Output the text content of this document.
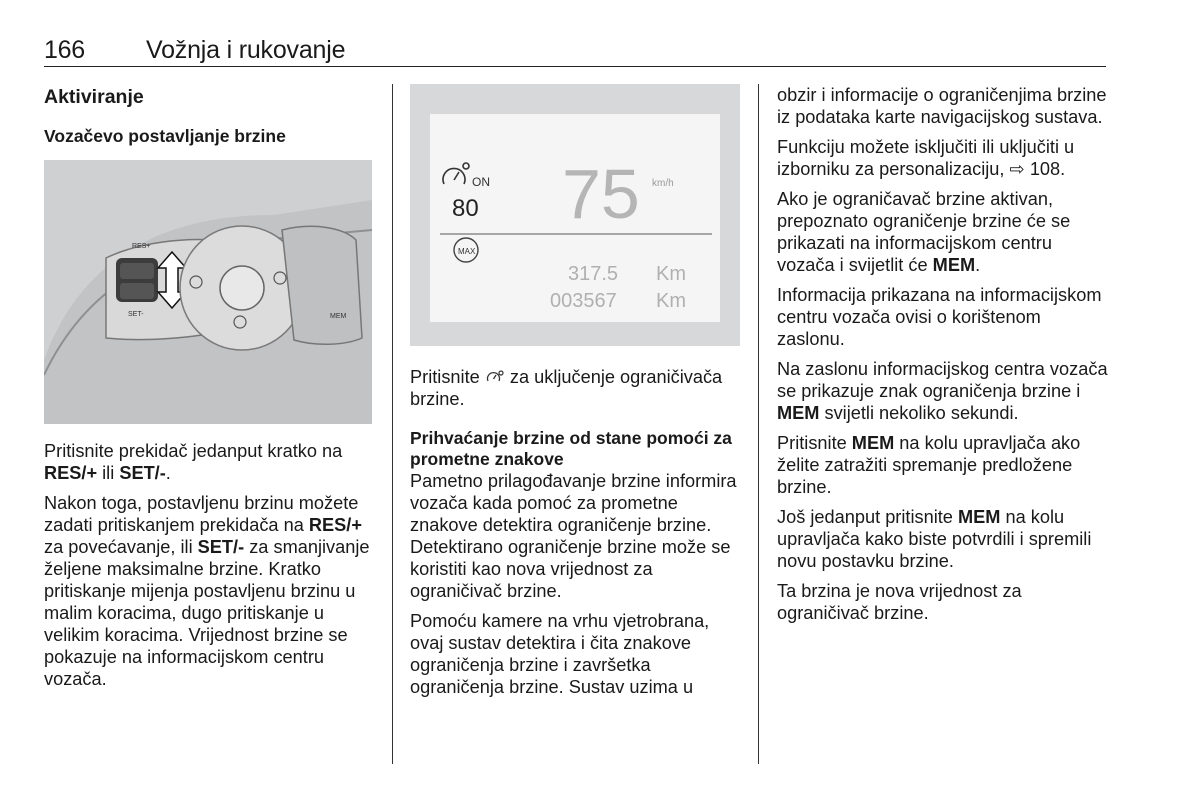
166 Vožnja i rukovanje
Aktiviranje
Vozačevo postavljanje brzine
RES+
SET-	MEM

Pritisnite prekidač jedanput kratko na RES/+ ili SET/-.

Nakon toga, postavljenu brzinu možete zadati pritiskanjem prekidača na RES/+ za povećavanje, ili SET/- za smanjivanje željene maksimalne brzine. Kratko pritiskanje mijenja postavljenu brzinu u malim koracima, dugo pritiskanje u velikim koracima. Vrijednost brzine se pokazuje na informacijskom centru vozača.

ON
80 75 km/h
MAX
317.5 Km
003567 Km

Pritisnite  za uključenje ograničivača brzine.

Prihvaćanje brzine od stane pomoći za prometne znakove

Pametno prilagođavanje brzine informira vozača kada pomoć za prometne znakove detektira ograničenje brzine. Detektirano ograničenje brzine može se koristiti kao nova vrijednost za ograničivač brzine.

Pomoću kamere na vrhu vjetrobrana, ovaj sustav detektira i čita znakove ograničenja brzine i završetka ograničenja brzine. Sustav uzima u

obzir i informacije o ograničenjima brzine iz podataka karte navigacijskog sustava.

Funkciju možete isključiti ili uključiti u izborniku za personalizaciju, ⇨ 108.

Ako je ograničavač brzine aktivan, prepoznato ograničenje brzine će se prikazati na informacijskom centru vozača i svijetlit će MEM.

Informacija prikazana na informacijskom centru vozača ovisi o korištenom zaslonu.

Na zaslonu informacijskog centra vozača se prikazuje znak ograničenja brzine i MEM svijetli nekoliko sekundi.

Pritisnite MEM na kolu upravljača ako želite zatražiti spremanje predložene brzine.

Još jedanput pritisnite MEM na kolu upravljača kako biste potvrdili i spremili novu postavku brzine.

Ta brzina je nova vrijednost za ograničivač brzine.
